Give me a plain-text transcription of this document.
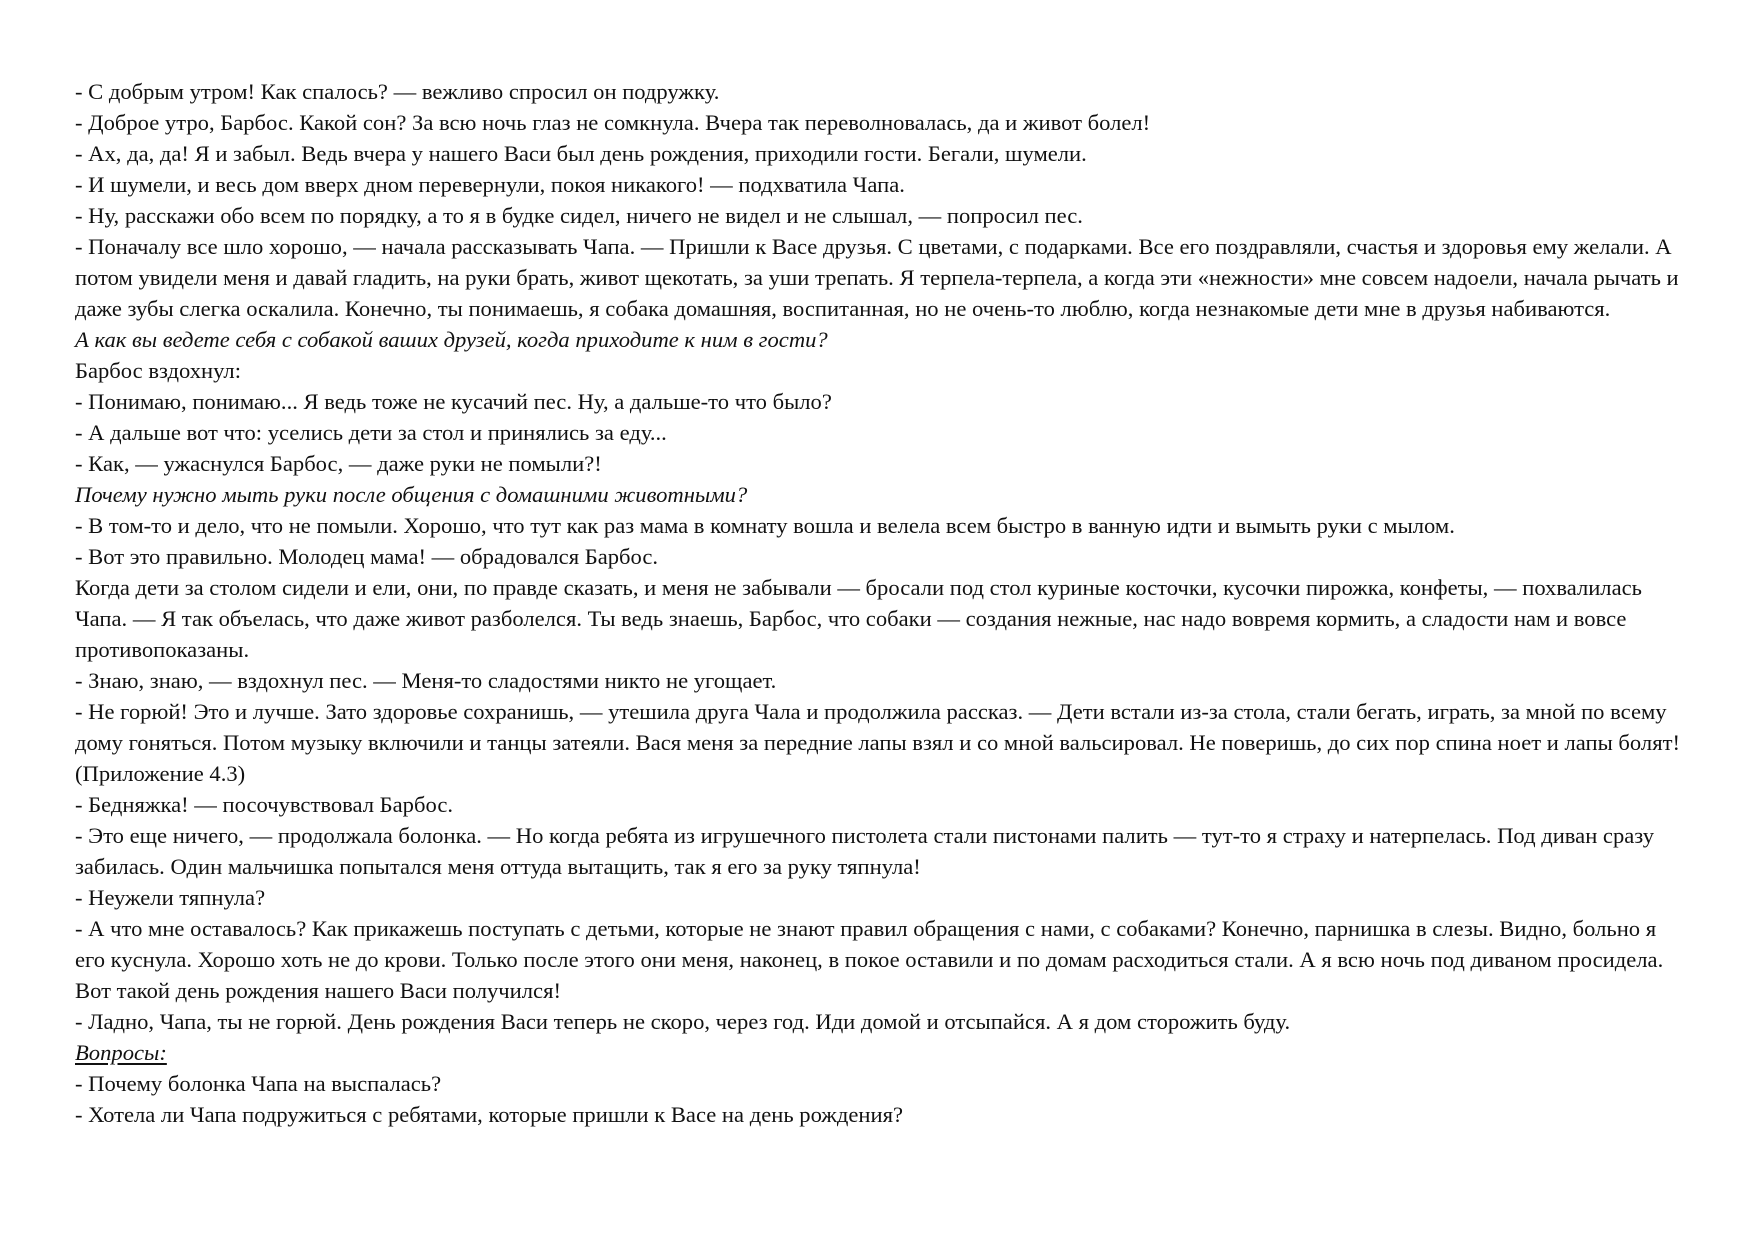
- С добрым утром! Как спалось? — вежливо спросил он подружку.

- Доброе утро, Барбос. Какой сон? За всю ночь глаз не сомкнула. Вчера так переволновалась, да и живот болел!

- Ах, да, да! Я и забыл. Ведь вчера у нашего Васи был день рождения, приходили гости. Бегали, шумели.

- И шумели, и весь дом вверх дном перевернули, покоя никакого! — подхватила Чапа.

- Ну, расскажи обо всем по порядку, а то я в будке сидел, ничего не видел и не слышал, — попросил пес.

- Поначалу все шло хорошо, — начала рассказывать Чапа. — Пришли к Васе друзья. С цветами, с подарками. Все его поздравляли, счастья и здоровья ему желали. А потом увидели меня и давай гладить, на руки брать, живот щекотать, за уши трепать. Я терпела-терпела, а когда эти «нежности» мне совсем надоели, начала рычать и даже зубы слегка оскалила. Конечно, ты понимаешь, я собака домашняя, воспитанная, но не очень-то люблю, когда незнакомые дети мне в друзья набиваются.

А как вы ведете себя с собакой ваших друзей, когда приходите к ним в гости?

Барбос вздохнул:

- Понимаю, понимаю... Я ведь тоже не кусачий пес. Ну, а дальше-то что было?

- А дальше вот что: уселись дети за стол и принялись за еду...

- Как, — ужаснулся Барбос, — даже руки не помыли?!

Почему нужно мыть руки после общения с домашними животными?

- В том-то и дело, что не помыли. Хорошо, что тут как раз мама в комнату вошла и велела всем быстро в ванную идти и вымыть руки с мылом.

- Вот это правильно. Молодец мама! — обрадовался Барбос.

Когда дети за столом сидели и ели, они, по правде сказать, и меня не забывали — бросали под стол куриные косточки, кусочки пирожка, конфеты, — похвалилась Чапа. — Я так объелась, что даже живот разболелся. Ты ведь знаешь, Барбос, что собаки — создания нежные, нас надо вовремя кормить, а сладости нам и вовсе противопоказаны.

- Знаю, знаю, — вздохнул пес. — Меня-то сладостями никто не угощает.

- Не горюй! Это и лучше. Зато здоровье сохранишь, — утешила друга Чала и продолжила рассказ. — Дети встали из-за стола, стали бегать, играть, за мной по всему дому гоняться. Потом музыку включили и танцы затеяли. Вася меня за передние лапы взял и со мной вальсировал. Не поверишь, до сих пор спина ноет и лапы болят! (Приложение 4.3)

- Бедняжка! — посочувствовал Барбос.

- Это еще ничего, — продолжала болонка. — Но когда ребята из игрушечного пистолета стали пистонами палить — тут-то я страху и натерпелась. Под диван сразу забилась. Один мальчишка попытался меня оттуда вытащить, так я его за руку тяпнула!

- Неужели тяпнула?

- А что мне оставалось? Как прикажешь поступать с детьми, которые не знают правил обращения с нами, с собаками? Конечно, парнишка в слезы. Видно, больно я его куснула. Хорошо хоть не до крови. Только после этого они меня, наконец, в покое оставили и по домам расходиться стали. А я всю ночь под диваном просидела. Вот такой день рождения нашего Васи получился!

- Ладно, Чапа, ты не горюй. День рождения Васи теперь не скоро, через год. Иди домой и отсыпайся. А я дом сторожить буду.

Вопросы:

- Почему болонка Чапа на выспалась?

- Хотела ли Чапа подружиться с ребятами, которые пришли к Васе на день рождения?
